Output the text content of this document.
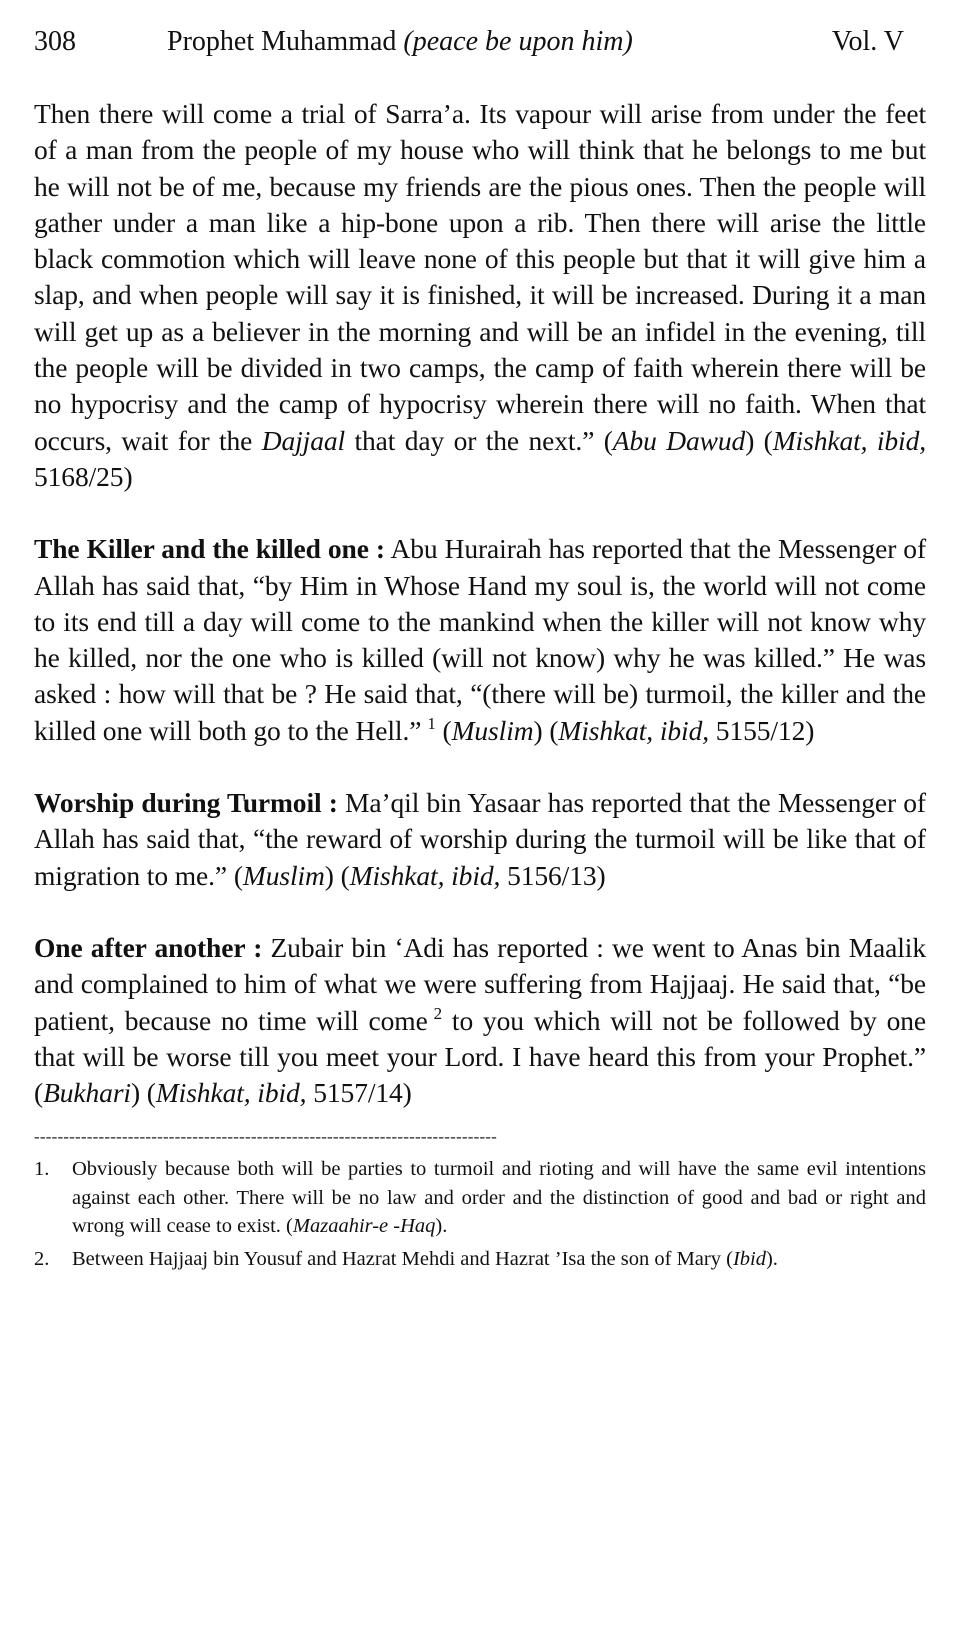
308	Prophet Muhammad (peace be upon him)	Vol. V

Then there will come a trial of Sarra’a. Its vapour will arise from under the feet of a man from the people of my house who will think that he belongs to me but he will not be of me, because my friends are the pious ones. Then the people will gather under a man like a hip-bone upon a rib. Then there will arise the little black commotion which will leave none of this people but that it will give him a slap, and when people will say it is finished, it will be increased. During it a man will get up as a believer in the morning and will be an infidel in the evening, till the people will be divided in two camps, the camp of faith wherein there will be no hypocrisy and the camp of hypocrisy wherein there will no faith. When that occurs, wait for the Dajjaal that day or the next.” (Abu Dawud) (Mishkat, ibid, 5168/25)

The Killer and the killed one : Abu Hurairah has reported that the Messenger of Allah has said that, “by Him in Whose Hand my soul is, the world will not come to its end till a day will come to the mankind when the killer will not know why he killed, nor the one who is killed (will not know) why he was killed.” He was asked : how will that be ? He said that, “(there will be) turmoil, the killer and the killed one will both go to the Hell.” $^1$ (Muslim) (Mishkat, ibid, 5155/12)

Worship during Turmoil : Ma’qil bin Yasaar has reported that the Messenger of Allah has said that, “the reward of worship during the turmoil will be like that of migration to me.” (Muslim) (Mishkat, ibid, 5156/13)

One after another : Zubair bin ‘Adi has reported : we went to Anas bin Maalik and complained to him of what we were suffering from Hajjaaj. He said that, “be patient, because no time will come $^2$ to you which will not be followed by one that will be worse till you meet your Lord. I have heard this from your Prophet.” (Bukhari) (Mishkat, ibid, 5157/14)

-------------------------------------------------------------------------------
1.	Obviously because both will be parties to turmoil and rioting and will have the same evil intentions against each other. There will be no law and order and the distinction of good and bad or right and wrong will cease to exist. (Mazaahir-e -Haq).
2.	Between Hajjaaj bin Yousuf and Hazrat Mehdi and Hazrat ’Isa the son of Mary (Ibid).
